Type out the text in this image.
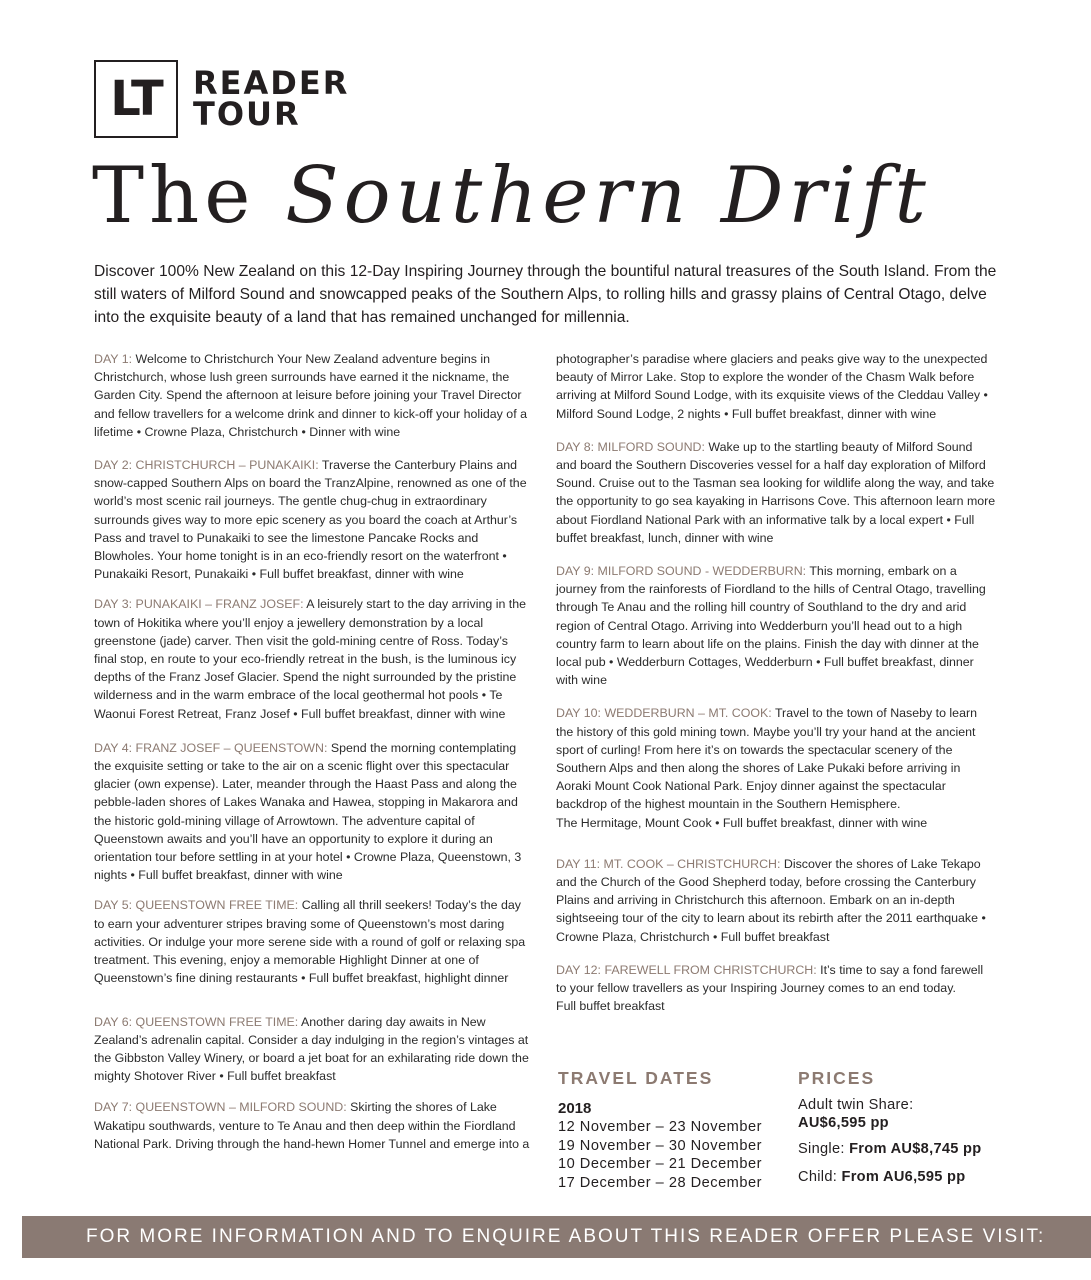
LT READER
TOUR
The Southern Drift

Discover 100% New Zealand on this 12-Day Inspiring Journey through the bountiful natural treasures of the South Island. From the still waters of Milford Sound and snowcapped peaks of the Southern Alps, to rolling hills and grassy plains of Central Otago, delve into the exquisite beauty of a land that has remained unchanged for millennia.

DAY 1: Welcome to Christchurch Your New Zealand adventure begins in Christchurch, whose lush green surrounds have earned it the nickname, the Garden City. Spend the afternoon at leisure before joining your Travel Director and fellow travellers for a welcome drink and dinner to kick-off your holiday of a lifetime • Crowne Plaza, Christchurch • Dinner with wine

DAY 2: CHRISTCHURCH – PUNAKAIKI: Traverse the Canterbury Plains and snow-capped Southern Alps on board the TranzAlpine, renowned as one of the world’s most scenic rail journeys. The gentle chug-chug in extraordinary surrounds gives way to more epic scenery as you board the coach at Arthur’s Pass and travel to Punakaiki to see the limestone Pancake Rocks and Blowholes. Your home tonight is in an eco-friendly resort on the waterfront • Punakaiki Resort, Punakaiki • Full buffet breakfast, dinner with wine

DAY 3: PUNAKAIKI – FRANZ JOSEF: A leisurely start to the day arriving in the town of Hokitika where you’ll enjoy a jewellery demonstration by a local greenstone (jade) carver. Then visit the gold-mining centre of Ross. Today’s final stop, en route to your eco-friendly retreat in the bush, is the luminous icy depths of the Franz Josef Glacier. Spend the night surrounded by the pristine wilderness and in the warm embrace of the local geothermal hot pools • Te Waonui Forest Retreat, Franz Josef • Full buffet breakfast, dinner with wine

DAY 4: FRANZ JOSEF – QUEENSTOWN: Spend the morning contemplating the exquisite setting or take to the air on a scenic flight over this spectacular glacier (own expense). Later, meander through the Haast Pass and along the pebble-laden shores of Lakes Wanaka and Hawea, stopping in Makarora and the historic gold-mining village of Arrowtown. The adventure capital of Queenstown awaits and you’ll have an opportunity to explore it during an orientation tour before settling in at your hotel • Crowne Plaza, Queenstown, 3 nights • Full buffet breakfast, dinner with wine

DAY 5: QUEENSTOWN FREE TIME: Calling all thrill seekers! Today’s the day to earn your adventurer stripes braving some of Queenstown’s most daring activities. Or indulge your more serene side with a round of golf or relaxing spa treatment. This evening, enjoy a memorable Highlight Dinner at one of Queenstown’s fine dining restaurants • Full buffet breakfast, highlight dinner

DAY 6: QUEENSTOWN FREE TIME: Another daring day awaits in New Zealand’s adrenalin capital. Consider a day indulging in the region’s vintages at the Gibbston Valley Winery, or board a jet boat for an exhilarating ride down the mighty Shotover River • Full buffet breakfast

DAY 7: QUEENSTOWN – MILFORD SOUND: Skirting the shores of Lake Wakatipu southwards, venture to Te Anau and then deep within the Fiordland National Park. Driving through the hand-hewn Homer Tunnel and emerge into a

photographer’s paradise where glaciers and peaks give way to the unexpected beauty of Mirror Lake. Stop to explore the wonder of the Chasm Walk before arriving at Milford Sound Lodge, with its exquisite views of the Cleddau Valley • Milford Sound Lodge, 2 nights • Full buffet breakfast, dinner with wine

DAY 8: MILFORD SOUND: Wake up to the startling beauty of Milford Sound and board the Southern Discoveries vessel for a half day exploration of Milford Sound. Cruise out to the Tasman sea looking for wildlife along the way, and take the opportunity to go sea kayaking in Harrisons Cove. This afternoon learn more about Fiordland National Park with an informative talk by a local expert • Full buffet breakfast, lunch, dinner with wine

DAY 9: MILFORD SOUND - WEDDERBURN: This morning, embark on a journey from the rainforests of Fiordland to the hills of Central Otago, travelling through Te Anau and the rolling hill country of Southland to the dry and arid region of Central Otago. Arriving into Wedderburn you’ll head out to a high country farm to learn about life on the plains. Finish the day with dinner at the local pub • Wedderburn Cottages, Wedderburn • Full buffet breakfast, dinner with wine

DAY 10: WEDDERBURN – MT. COOK: Travel to the town of Naseby to learn the history of this gold mining town. Maybe you’ll try your hand at the ancient sport of curling! From here it’s on towards the spectacular scenery of the Southern Alps and then along the shores of Lake Pukaki before arriving in Aoraki Mount Cook National Park. Enjoy dinner against the spectacular backdrop of the highest mountain in the Southern Hemisphere.
The Hermitage, Mount Cook • Full buffet breakfast, dinner with wine

DAY 11: MT. COOK – CHRISTCHURCH: Discover the shores of Lake Tekapo and the Church of the Good Shepherd today, before crossing the Canterbury Plains and arriving in Christchurch this afternoon. Embark on an in-depth sightseeing tour of the city to learn about its rebirth after the 2011 earthquake • Crowne Plaza, Christchurch • Full buffet breakfast

DAY 12: FAREWELL FROM CHRISTCHURCH: It’s time to say a fond farewell to your fellow travellers as your Inspiring Journey comes to an end today.
Full buffet breakfast

TRAVEL DATES
2018
12 November – 23 November
19 November – 30 November
10 December – 21 December
17 December – 28 December
PRICES
Adult twin Share:
AU$6,595 pp
Single: From AU$8,745 pp
Child: From AU6,595 pp
FOR MORE INFORMATION AND TO ENQUIRE ABOUT THIS READER OFFER PLEASE VISIT:
